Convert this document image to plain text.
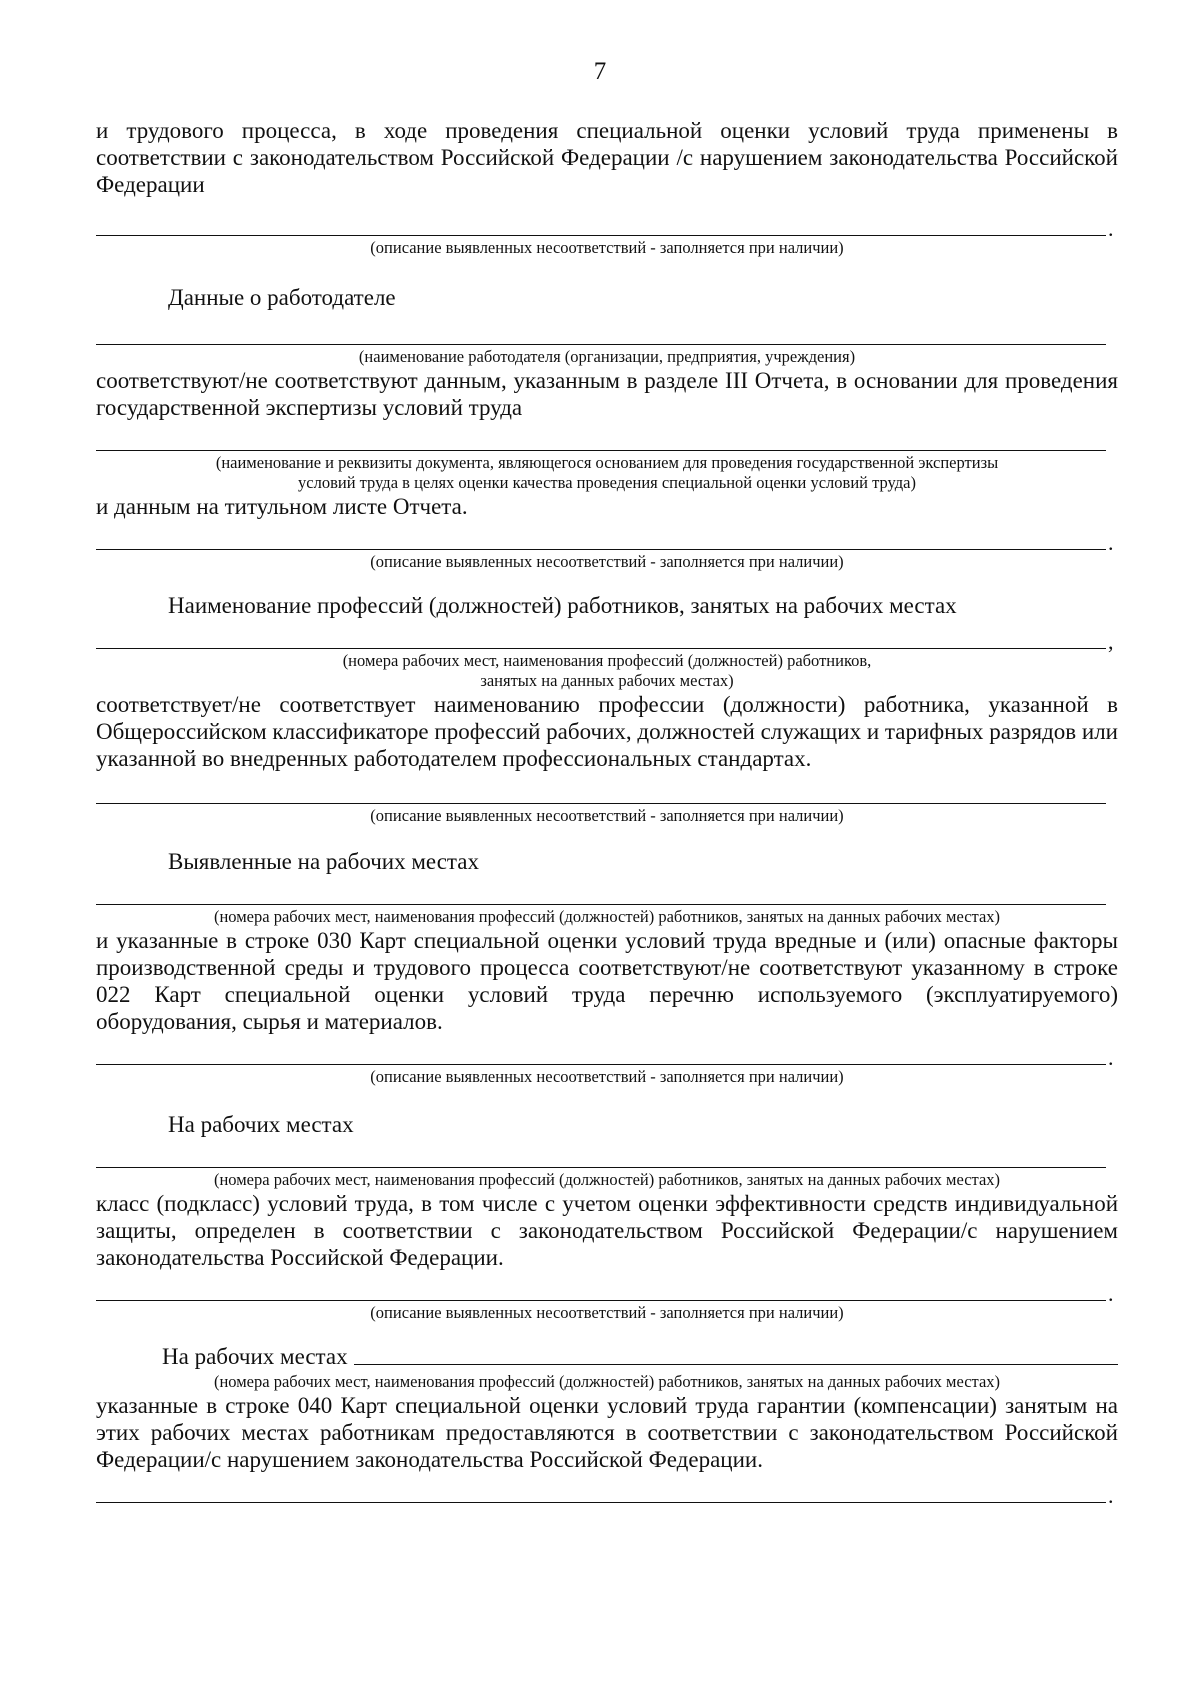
7

и трудового процесса, в ходе проведения специальной оценки условий труда применены в соответствии с законодательством Российской Федерации /с нарушением законодательства Российской Федерации

.
(описание выявленных несоответствий - заполняется при наличии)
Данные о работодателе
(наименование работодателя (организации, предприятия, учреждения)

соответствуют/не соответствуют данным, указанным в разделе III Отчета, в основании для проведения государственной экспертизы условий труда

(наименование и реквизиты документа, являющегося основанием для проведения государственной экспертизы
условий труда в целях оценки качества проведения специальной оценки условий труда)

и данным на титульном листе Отчета.

.
(описание выявленных несоответствий - заполняется при наличии)
Наименование профессий (должностей) работников, занятых на рабочих местах
,
(номера рабочих мест, наименования профессий (должностей) работников,
занятых на данных рабочих местах)

соответствует/не соответствует наименованию профессии (должности) работника, указанной в Общероссийском классификаторе профессий рабочих, должностей служащих и тарифных разрядов или указанной во внедренных работодателем профессиональных стандартах.

(описание выявленных несоответствий - заполняется при наличии)
Выявленные на рабочих местах
(номера рабочих мест, наименования профессий (должностей) работников, занятых на данных рабочих местах)

и указанные в строке 030 Карт специальной оценки условий труда вредные и (или) опасные факторы производственной среды и трудового процесса соответствуют/не соответствуют указанному в строке 022 Карт специальной оценки условий труда перечню используемого (эксплуатируемого) оборудования, сырья и материалов.

.
(описание выявленных несоответствий - заполняется при наличии)
На рабочих местах
(номера рабочих мест, наименования профессий (должностей) работников, занятых на данных рабочих местах)

класс (подкласс) условий труда, в том числе с учетом оценки эффективности средств индивидуальной защиты, определен в соответствии с законодательством Российской Федерации/с нарушением законодательства Российской Федерации.

.
(описание выявленных несоответствий - заполняется при наличии)
На рабочих местах
(номера рабочих мест, наименования профессий (должностей) работников, занятых на данных рабочих местах)

указанные в строке 040 Карт специальной оценки условий труда гарантии (компенсации) занятым на этих рабочих местах работникам предоставляются в соответствии с законодательством Российской Федерации/с нарушением законодательства Российской Федерации.

.
